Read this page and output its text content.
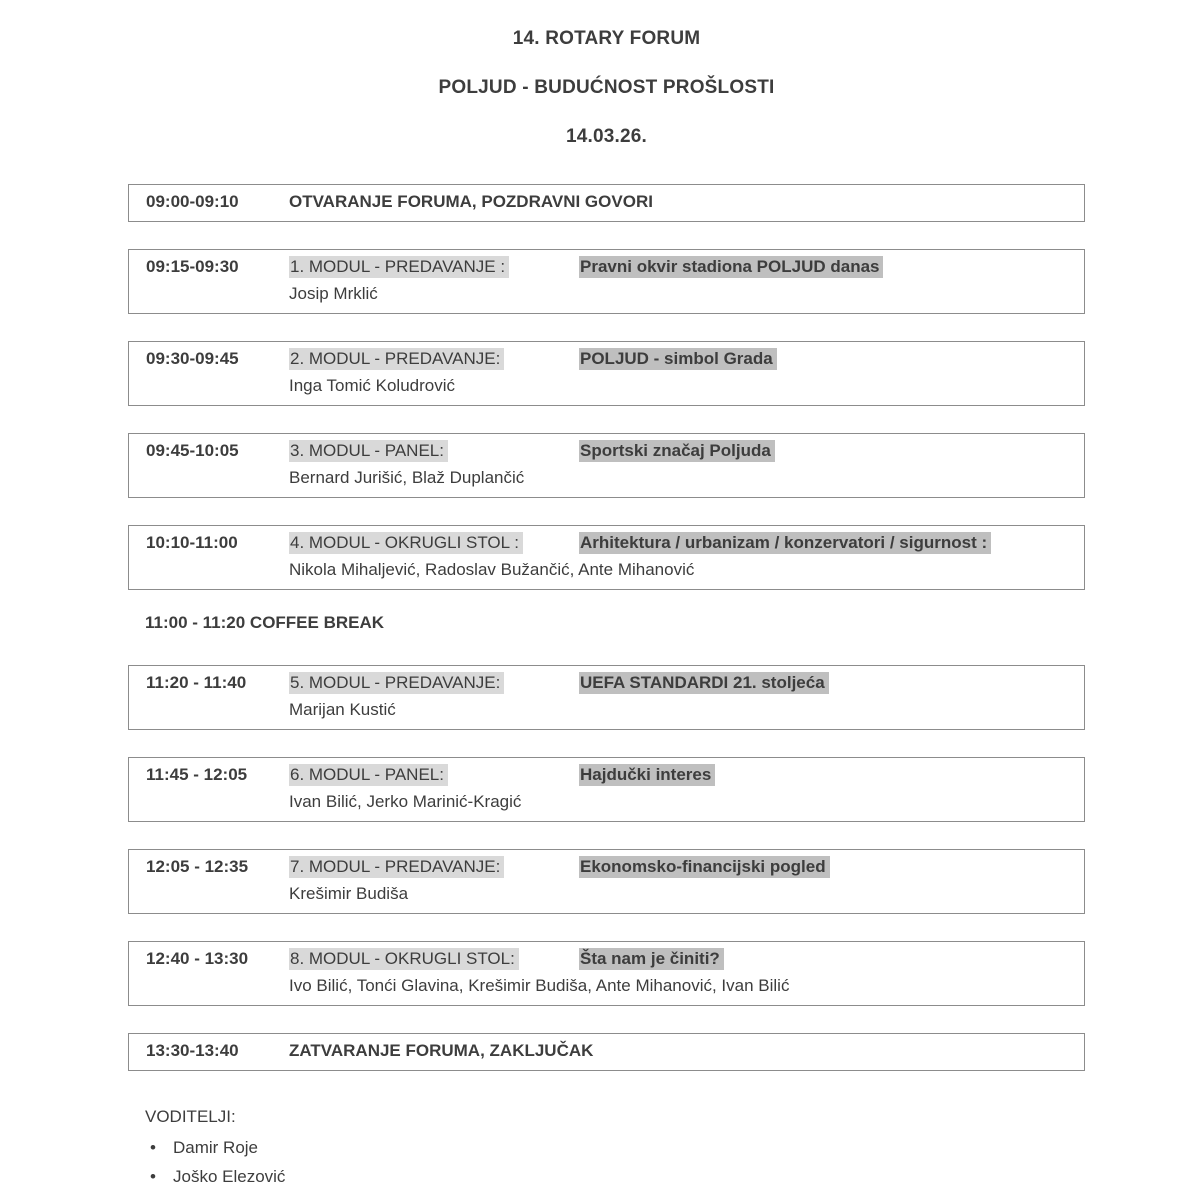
14. ROTARY FORUM
POLJUD - BUDUĆNOST PROŠLOSTI
14.03.26.
09:00-09:10	OTVARANJE FORUMA, POZDRAVNI GOVORI
09:15-09:30	1. MODUL - PREDAVANJE :	Pravni okvir stadiona POLJUD danas
Josip Mrklić
09:30-09:45	2. MODUL - PREDAVANJE:	POLJUD - simbol Grada
Inga Tomić Koludrović
09:45-10:05	3. MODUL - PANEL:	Sportski značaj Poljuda
Bernard Jurišić, Blaž Duplančić
10:10-11:00	4. MODUL - OKRUGLI STOL :	Arhitektura / urbanizam / konzervatori / sigurnost :
Nikola Mihaljević, Radoslav Bužančić, Ante Mihanović
11:00 - 11:20 COFFEE BREAK
11:20 - 11:40	5. MODUL - PREDAVANJE:	UEFA STANDARDI 21. stoljeća
Marijan Kustić
11:45 - 12:05	6. MODUL - PANEL:	Hajdučki interes
Ivan Bilić, Jerko Marinić-Kragić
12:05 - 12:35	7. MODUL - PREDAVANJE:	Ekonomsko-financijski pogled
Krešimir Budiša
12:40 - 13:30	8. MODUL - OKRUGLI STOL:	Šta nam je činiti?
Ivo Bilić, Tonći Glavina, Krešimir Budiša, Ante Mihanović, Ivan Bilić
13:30-13:40	ZATVARANJE FORUMA, ZAKLJUČAK
VODITELJI:
• Damir Roje
• Joško Elezović
